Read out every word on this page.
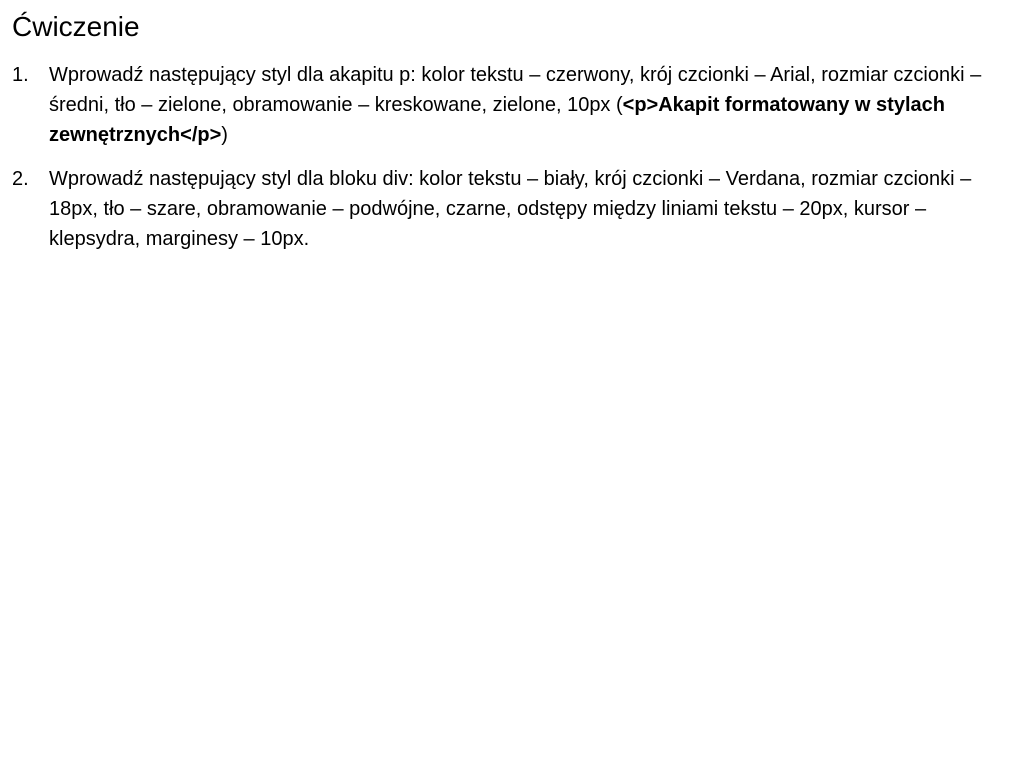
Ćwiczenie
1. Wprowadź następujący styl dla akapitu p: kolor tekstu – czerwony, krój czcionki – Arial, rozmiar czcionki – średni, tło – zielone, obramowanie – kreskowane, zielone, 10px (<p>Akapit formatowany w stylach zewnętrznych</p>)
2. Wprowadź następujący styl dla bloku div: kolor tekstu – biały, krój czcionki – Verdana, rozmiar czcionki – 18px, tło – szare, obramowanie – podwójne, czarne, odstępy między liniami tekstu – 20px, kursor – klepsydra, marginesy – 10px.
